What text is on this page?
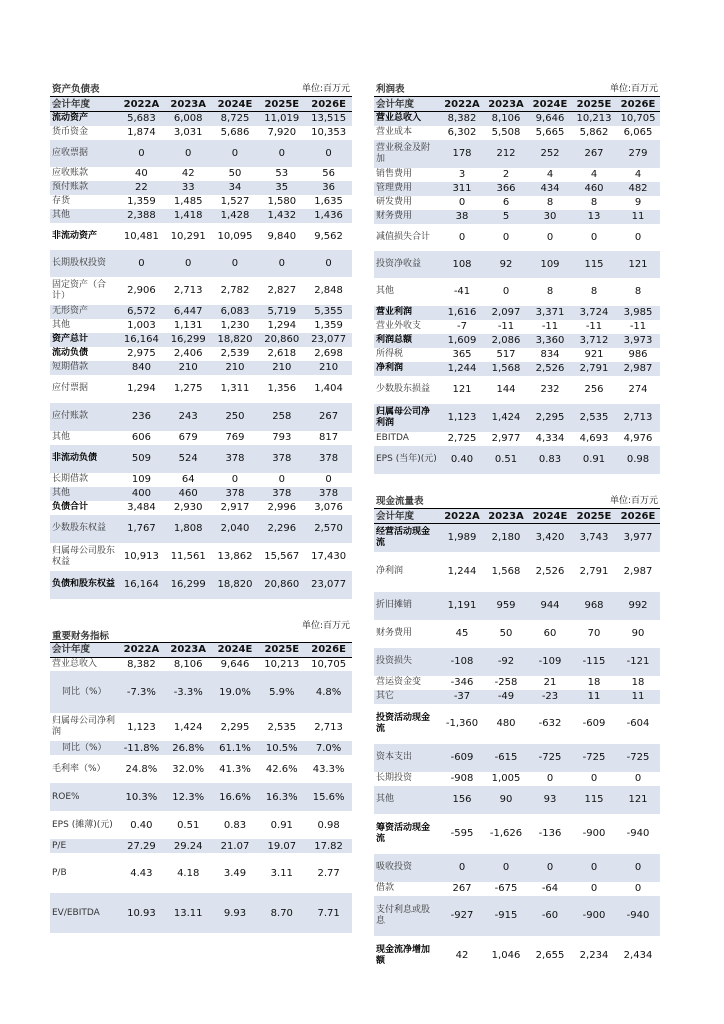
资产负债表				单位:百万元	
会计年度	2022A	2023A	2024E	2025E	2026E
流动资产	5,683	6,008	8,725	11,019	13,515
货币资金	1,874	3,031	5,686	7,920	10,353
应收票据	0	0	0	0	0
应收账款	40	42	50	53	56
预付账款	22	33	34	35	36
存货	1,359	1,485	1,527	1,580	1,635
其他	2,388	1,418	1,428	1,432	1,436
非流动资产	10,481	10,291	10,095	9,840	9,562
长期股权投资	0	0	0	0	0
固定资产（合计）	2,906	2,713	2,782	2,827	2,848
无形资产	6,572	6,447	6,083	5,719	5,355
其他	1,003	1,131	1,230	1,294	1,359
资产总计	16,164	16,299	18,820	20,860	23,077
流动负债	2,975	2,406	2,539	2,618	2,698
短期借款	840	210	210	210	210
应付票据	1,294	1,275	1,311	1,356	1,404
应付账款	236	243	250	258	267
其他	606	679	769	793	817
非流动负债	509	524	378	378	378
长期借款	109	64	0	0	0
其他	400	460	378	378	378
负债合计	3,484	2,930	2,917	2,996	3,076
少数股东权益	1,767	1,808	2,040	2,296	2,570
归属母公司股东权益	10,913	11,561	13,862	15,567	17,430
负债和股东权益	16,164	16,299	18,820	20,860	23,077
利润表				单位:百万元	
会计年度	2022A	2023A	2024E	2025E	2026E
营业总收入	8,382	8,106	9,646	10,213	10,705
营业成本	6,302	5,508	5,665	5,862	6,065
营业税金及附加	178	212	252	267	279
销售费用	3	2	4	4	4
管理费用	311	366	434	460	482
研发费用	0	6	8	8	9
财务费用	38	5	30	13	11
减值损失合计	0	0	0	0	0
投资净收益	108	92	109	115	121
其他	-41	0	8	8	8
营业利润	1,616	2,097	3,371	3,724	3,985
营业外收支	-7	-11	-11	-11	-11
利润总额	1,609	2,086	3,360	3,712	3,973
所得税	365	517	834	921	986
净利润	1,244	1,568	2,526	2,791	2,987
少数股东损益	121	144	232	256	274
归属母公司净利润	1,123	1,424	2,295	2,535	2,713
EBITDA	2,725	2,977	4,334	4,693	4,976
EPS (当年)(元)	0.40	0.51	0.83	0.91	0.98
重要财务指标				单位:百万元	
会计年度	2022A	2023A	2024E	2025E	2026E
营业总收入	8,382	8,106	9,646	10,213	10,705
同比（%）	-7.3%	-3.3%	19.0%	5.9%	4.8%
归属母公司净利润	1,123	1,424	2,295	2,535	2,713
同比（%）	-11.8%	26.8%	61.1%	10.5%	7.0%
毛利率（%）	24.8%	32.0%	41.3%	42.6%	43.3%
ROE%	10.3%	12.3%	16.6%	16.3%	15.6%
EPS (摊薄)(元)	0.40	0.51	0.83	0.91	0.98
P/E	27.29	29.24	21.07	19.07	17.82
P/B	4.43	4.18	3.49	3.11	2.77
EV/EBITDA	10.93	13.11	9.93	8.70	7.71
现金流量表				单位:百万元	
会计年度	2022A	2023A	2024E	2025E	2026E
经营活动现金流	1,989	2,180	3,420	3,743	3,977
净利润	1,244	1,568	2,526	2,791	2,987
折旧摊销	1,191	959	944	968	992
财务费用	45	50	60	70	90
投资损失	-108	-92	-109	-115	-121
营运资金变	-346	-258	21	18	18
其它	-37	-49	-23	11	11
投资活动现金流	-1,360	480	-632	-609	-604
资本支出	-609	-615	-725	-725	-725
长期投资	-908	1,005	0	0	0
其他	156	90	93	115	121
筹资活动现金流	-595	-1,626	-136	-900	-940
吸收投资	0	0	0	0	0
借款	267	-675	-64	0	0
支付利息或股息	-927	-915	-60	-900	-940
现金流净增加额	42	1,046	2,655	2,234	2,434
